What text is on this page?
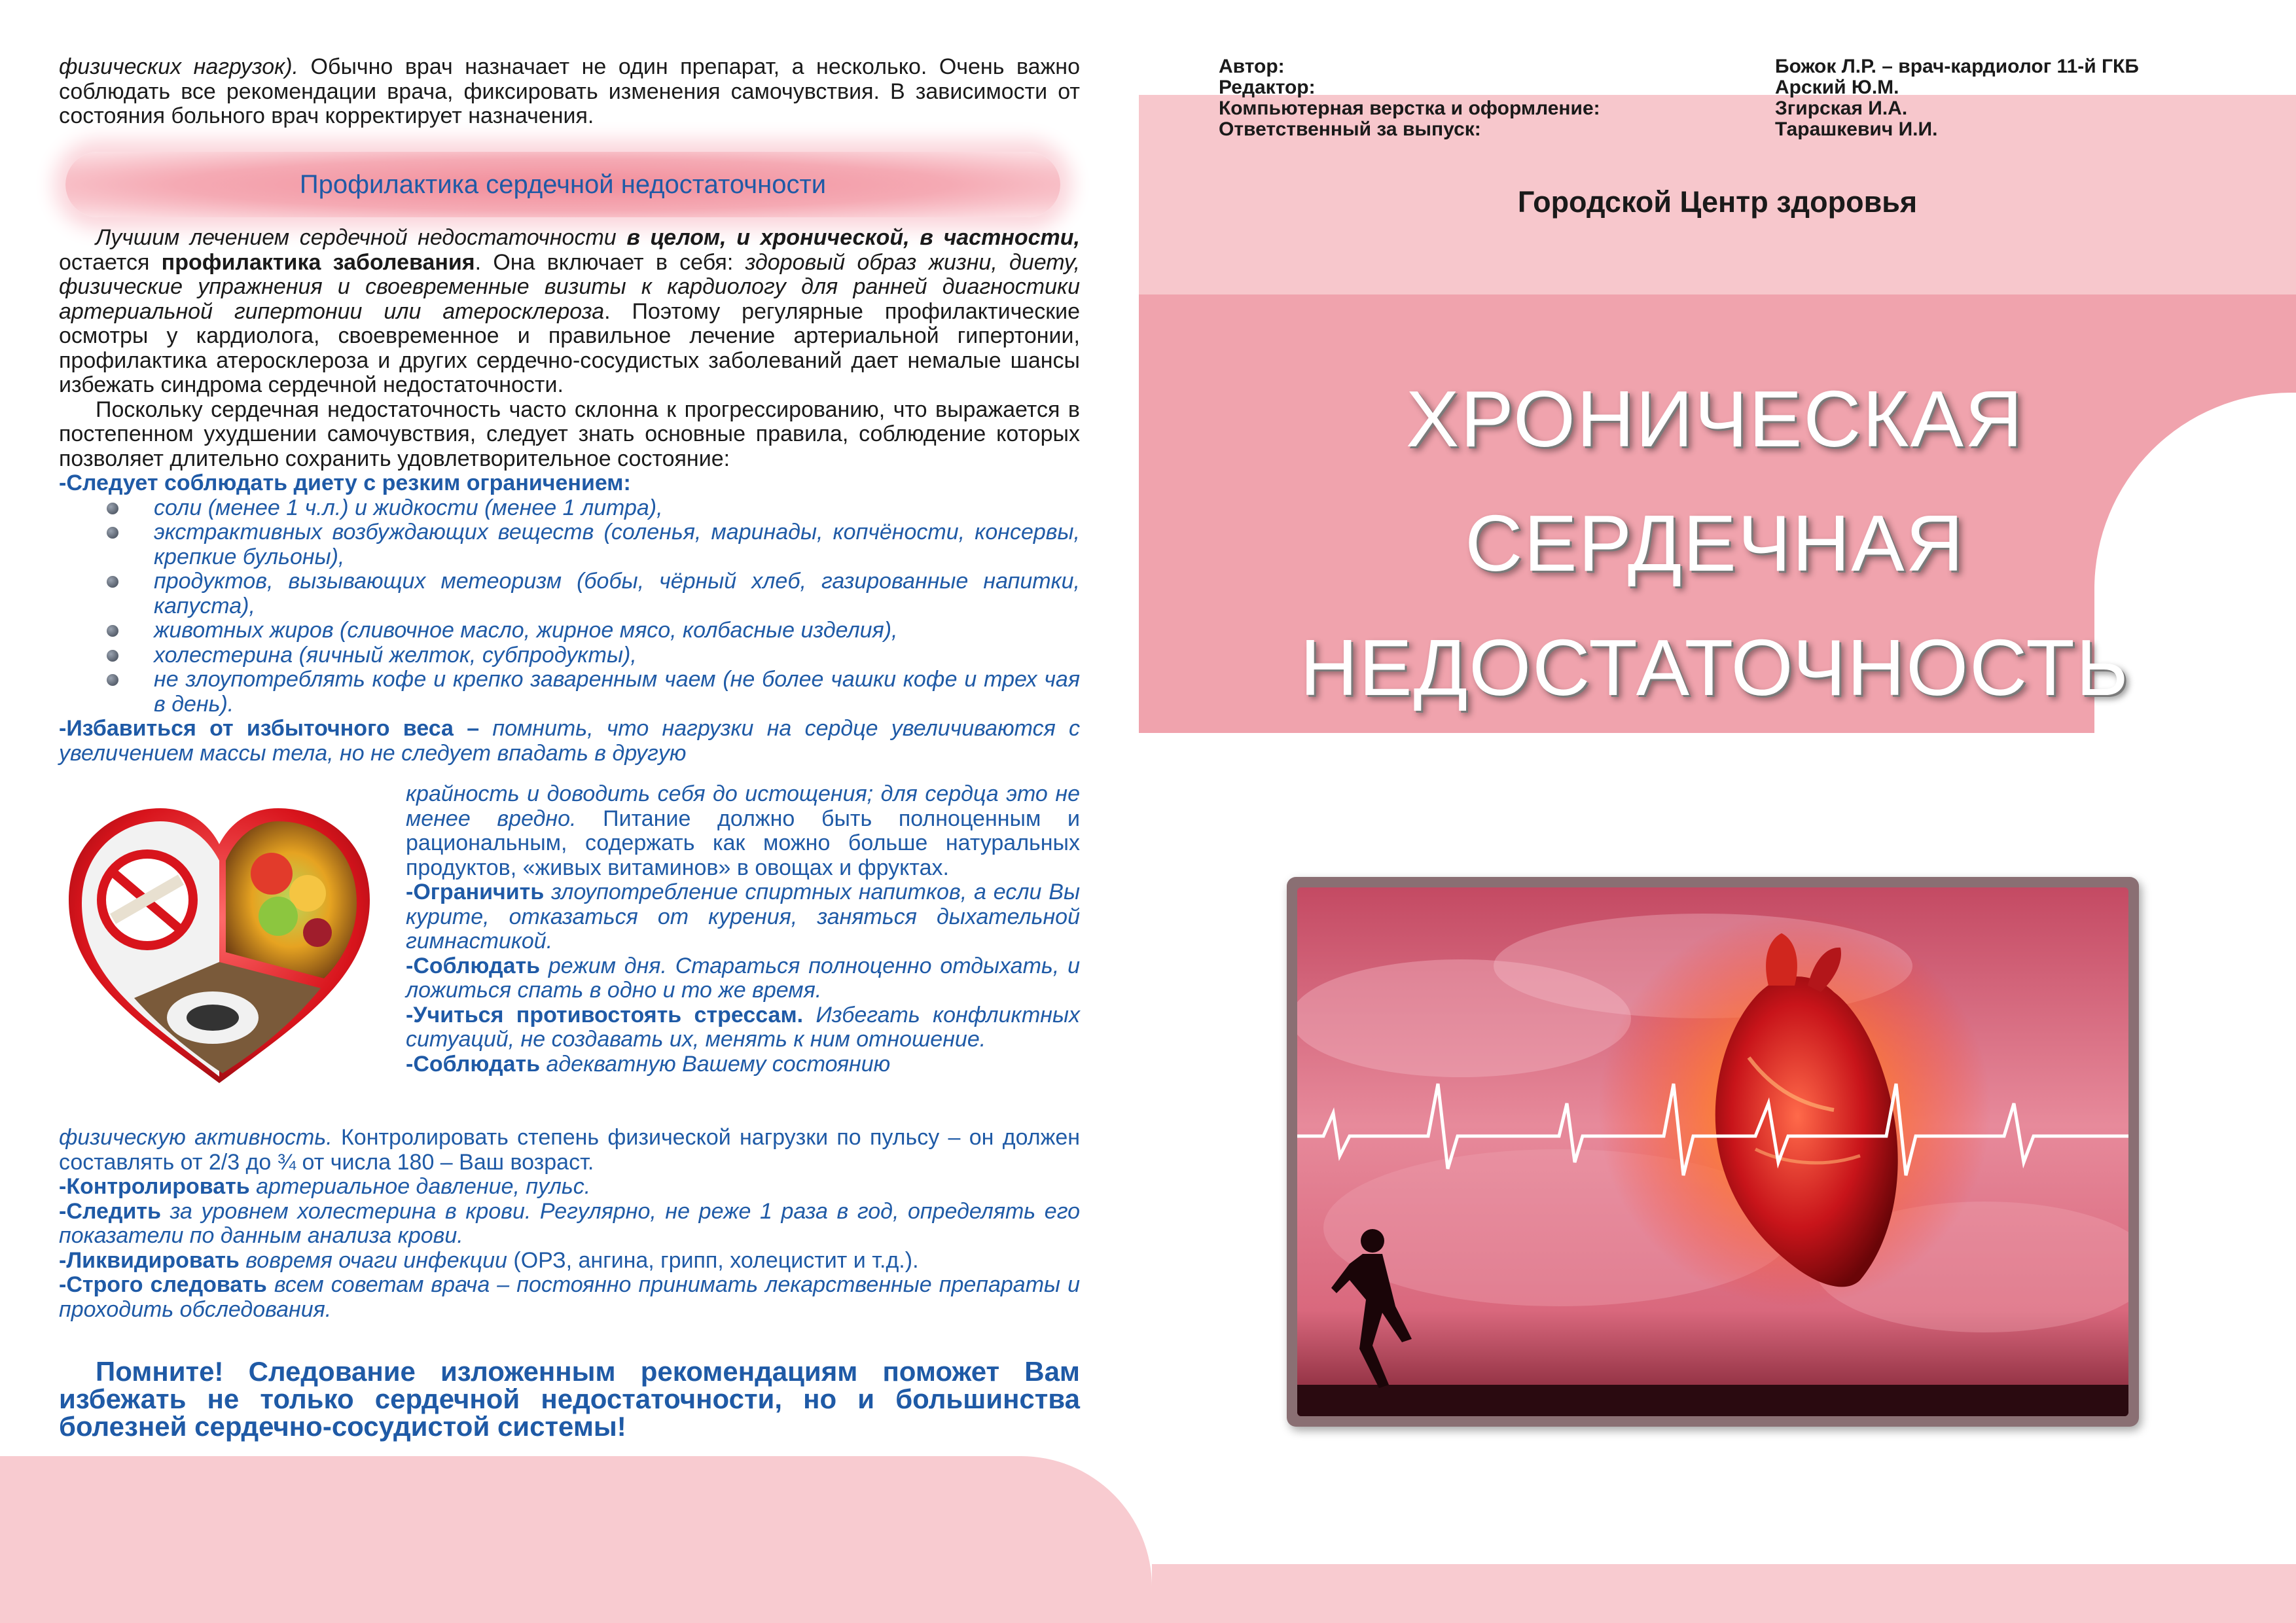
физических нагрузок). Обычно врач назначает не один препарат, а несколько. Очень важно соблюдать все рекомендации врача, фиксировать изменения самочувствия. В зависимости от состояния больного врач корректирует назначения.

Профилактика сердечной недостаточности

Лучшим лечением сердечной недостаточности в целом, и хронической, в частности, остается профилактика заболевания. Она включает в себя: здоровый образ жизни, диету, физические упражнения и своевременные визиты к кардиологу для ранней диагностики артериальной гипертонии или атеросклероза. Поэтому регулярные профилактические осмотры у кардиолога, своевременное и правильное лечение артериальной гипертонии, профилактика атеросклероза и других сердечно-сосудистых заболеваний дает немалые шансы избежать синдрома сердечной недостаточности.

Поскольку сердечная недостаточность часто склонна к прогрессированию, что выражается в постепенном ухудшении самочувствия, следует знать основные правила, соблюдение которых позволяет длительно сохранить удовлетворительное состояние:

-Следует соблюдать диету с резким ограничением:

соли (менее 1 ч.л.) и жидкости (менее 1 литра),
экстрактивных возбуждающих веществ (соленья, маринады, копчёности, консервы, крепкие бульоны),
продуктов, вызывающих метеоризм (бобы, чёрный хлеб, газированные напитки, капуста),
животных жиров (сливочное масло, жирное мясо, колбасные изделия),
холестерина (яичный желток, субпродукты),
не злоупотреблять кофе и крепко заваренным чаем (не более чашки кофе и трех чая в день).

-Избавиться от избыточного веса – помнить, что нагрузки на сердце увеличиваются с увеличением массы тела, но не следует впадать в другую

крайность и доводить себя до истощения; для сердца это не менее вредно. Питание должно быть полноценным и рациональным, содержать как можно больше натуральных продуктов, «живых витаминов» в овощах и фруктах.

-Ограничить злоупотребление спиртных напитков, а если Вы курите, отказаться от курения, заняться дыхательной гимнастикой.

-Соблюдать режим дня. Стараться полноценно отдыхать, и ложиться спать в одно и то же время.

-Учиться противостоять стрессам. Избегать конфликтных ситуаций, не создавать их, менять к ним отношение.

-Соблюдать адекватную Вашему состоянию

физическую активность. Контролировать степень физической нагрузки по пульсу – он должен составлять от 2/3 до ¾ от числа 180 – Ваш возраст.

-Контролировать артериальное давление, пульс.

-Следить за уровнем холестерина в крови. Регулярно, не реже 1 раза в год, определять его показатели по данным анализа крови.

-Ликвидировать вовремя очаги инфекции (ОРЗ, ангина, грипп, холецистит и т.д.).

-Строго следовать всем советам врача – постоянно принимать лекарственные препараты и проходить обследования.

Помните! Следование изложенным рекомендациям поможет Вам избежать не только сердечной недостаточности, но и большинства болезней сердечно-сосудистой системы!
Автор:	Божок Л.Р. – врач-кардиолог 11-й ГКБ
Редактор:	Арский Ю.М.
Компьютерная верстка и оформление:	Згирская И.А.
Ответственный за выпуск:	Тарашкевич И.И.
Городской Центр здоровья
ХРОНИЧЕСКАЯ
СЕРДЕЧНАЯ
НЕДОСТАТОЧНОСТЬ
